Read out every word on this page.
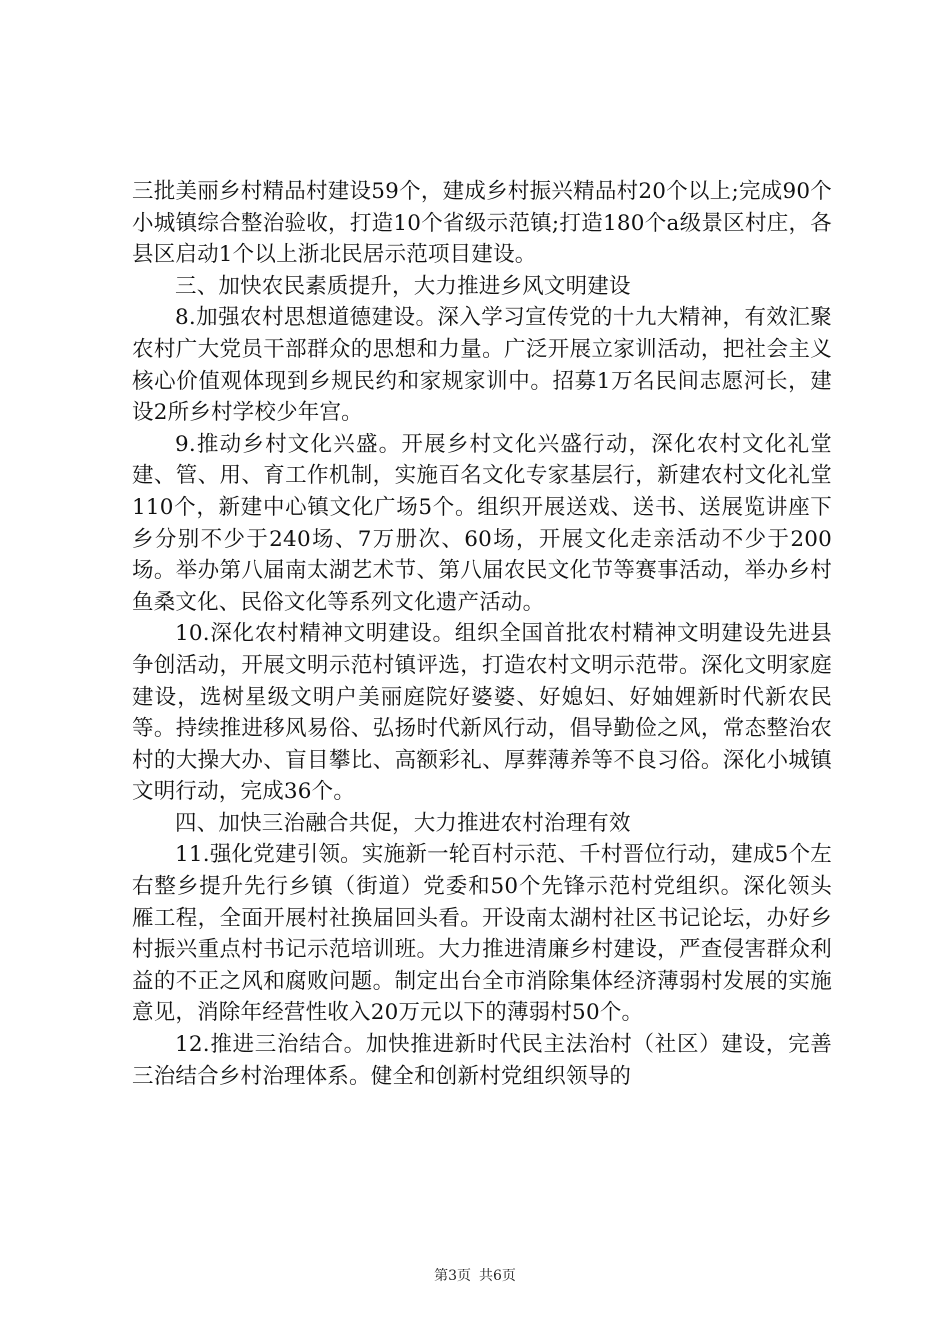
三批美丽乡村精品村建设59个，建成乡村振兴精品村20个以上;完成90个小城镇综合整治验收，打造10个省级示范镇;打造180个a级景区村庄，各县区启动1个以上浙北民居示范项目建设。

三、加快农民素质提升，大力推进乡风文明建设

8.加强农村思想道德建设。深入学习宣传党的十九大精神，有效汇聚农村广大党员干部群众的思想和力量。广泛开展立家训活动，把社会主义核心价值观体现到乡规民约和家规家训中。招募1万名民间志愿河长，建设2所乡村学校少年宫。

9.推动乡村文化兴盛。开展乡村文化兴盛行动，深化农村文化礼堂建、管、用、育工作机制，实施百名文化专家基层行，新建农村文化礼堂110个，新建中心镇文化广场5个。组织开展送戏、送书、送展览讲座下乡分别不少于240场、7万册次、60场，开展文化走亲活动不少于200场。举办第八届南太湖艺术节、第八届农民文化节等赛事活动，举办乡村鱼桑文化、民俗文化等系列文化遗产活动。

10.深化农村精神文明建设。组织全国首批农村精神文明建设先进县争创活动，开展文明示范村镇评选，打造农村文明示范带。深化文明家庭建设，选树星级文明户美丽庭院好婆婆、好媳妇、好妯娌新时代新农民等。持续推进移风易俗、弘扬时代新风行动，倡导勤俭之风，常态整治农村的大操大办、盲目攀比、高额彩礼、厚葬薄养等不良习俗。深化小城镇文明行动，完成36个。

四、加快三治融合共促，大力推进农村治理有效

11.强化党建引领。实施新一轮百村示范、千村晋位行动，建成5个左右整乡提升先行乡镇（街道）党委和50个先锋示范村党组织。深化领头雁工程，全面开展村社换届回头看。开设南太湖村社区书记论坛，办好乡村振兴重点村书记示范培训班。大力推进清廉乡村建设，严查侵害群众利益的不正之风和腐败问题。制定出台全市消除集体经济薄弱村发展的实施意见，消除年经营性收入20万元以下的薄弱村50个。

12.推进三治结合。加快推进新时代民主法治村（社区）建设，完善三治结合乡村治理体系。健全和创新村党组织领导的

第3页 共6页
